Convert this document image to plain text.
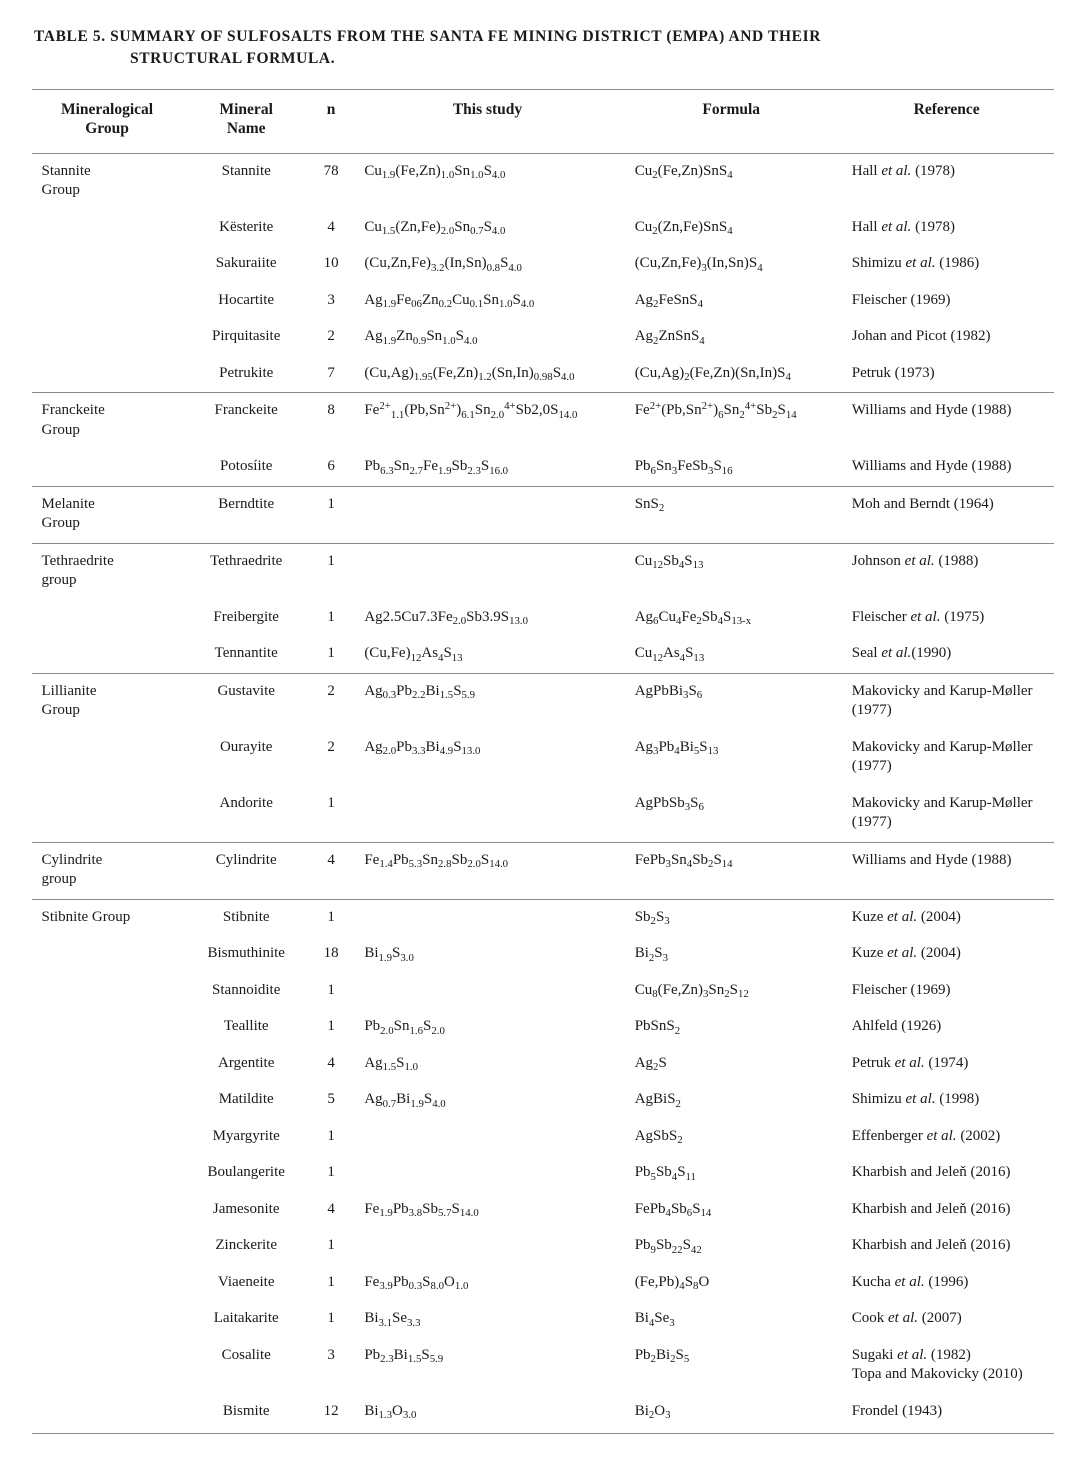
TABLE 5. SUMMARY OF SULFOSALTS FROM THE SANTA FE MINING DISTRICT (EMPA) AND THEIR
STRUCTURAL FORMULA.
Mineralogical
Group	Mineral
Name	n	This study	Formula	Reference
Stannite
Group	Stannite	78	$Cu_{1.9}(Fe,Zn)_{1.0}Sn_{1.0}S_{4.0}$	$Cu_2(Fe,Zn)SnS_4$	Hall et al. (1978)
	Kësterite	4	$Cu_{1.5}(Zn,Fe)_{2.0}Sn_{0.7}S_{4.0}$	$Cu_2(Zn,Fe)SnS_4$	Hall et al. (1978)
	Sakuraiite	10	$(Cu,Zn,Fe)_{3.2}(In,Sn)_{0.8}S_{4.0}$	$(Cu,Zn,Fe)_3(In,Sn)S_4$	Shimizu et al. (1986)
	Hocartite	3	$Ag_{1.9}Fe_{06}Zn_{0.2}Cu_{0.1}Sn_{1.0}S_{4.0}$	$Ag_2FeSnS_4$	Fleischer (1969)
	Pirquitasite	2	$Ag_{1.9}Zn_{0.9}Sn_{1.0}S_{4.0}$	$Ag_2ZnSnS_4$	Johan and Picot (1982)
	Petrukite	7	$(Cu,Ag)_{1.95}(Fe,Zn)_{1.2}(Sn,In)_{0.98}S_{4.0}$	$(Cu,Ag)_2(Fe,Zn)(Sn,In)S_4$	Petruk (1973)
Franckeite
Group	Franckeite	8	$Fe^{2+}_{1.1}(Pb,Sn^{2+})_{6.1}Sn_{2.0}^{4+}Sb2,0S_{14.0}$	$Fe^{2+}(Pb,Sn^{2+})_6Sn_2^{4+}Sb_2S_{14}$	Williams and Hyde (1988)
	Potosíite	6	$Pb_{6.3}Sn_{2.7}Fe_{1.9}Sb_{2.3}S_{16.0}$	$Pb_6Sn_3FeSb_3S_{16}$	Williams and Hyde (1988)
Melanite
Group	Berndtite	1		SnS$_2$	Moh and Berndt (1964)
Tethraedrite
group	Tethraedrite	1		$Cu_{12}Sb_4S_{13}$	Johnson et al. (1988)
	Freibergite	1	$Ag2.5Cu7.3Fe_{2.0}Sb3.9S_{13.0}$	$Ag_6Cu_4Fe_2Sb_4S_{13-x}$	Fleischer et al. (1975)
	Tennantite	1	$(Cu,Fe)_{12}As_4S_{13}$	$Cu_{12}As_4S_{13}$	Seal et al.(1990)
Lillianite
Group	Gustavite	2	$Ag_{0.3}Pb_{2.2}Bi_{1.5}S_{5.9}$	$AgPbBi_3S_6$	Makovicky and Karup-Møller (1977)
	Ourayite	2	$Ag_{2.0}Pb_{3.3}Bi_{4.9}S_{13.0}$	$Ag_3Pb_4Bi_5S_{13}$	Makovicky and Karup-Møller (1977)
	Andorite	1		$AgPbSb_3S_6$	Makovicky and Karup-Møller (1977)
Cylindrite
group	Cylindrite	4	$Fe_{1.4}Pb_{5.3}Sn_{2.8}Sb_{2.0}S_{14.0}$	$FePb_3Sn_4Sb_2S_{14}$	Williams and Hyde (1988)
Stibnite Group	Stibnite	1		$Sb_2S_3$	Kuze et al. (2004)
	Bismuthinite	18	$Bi_{1.9}S_{3.0}$	$Bi_2S_3$	Kuze et al. (2004)
	Stannoidite	1		$Cu_8(Fe,Zn)_3Sn_2S_{12}$	Fleischer (1969)
	Teallite	1	$Pb_{2.0}Sn_{1.6}S_{2.0}$	PbSnS$_2$	Ahlfeld (1926)
	Argentite	4	$Ag_{1.5}S_{1.0}$	$Ag_2S$	Petruk et al. (1974)
	Matildite	5	$Ag_{0.7}Bi_{1.9}S_{4.0}$	AgBiS$_2$	Shimizu et al. (1998)
	Myargyrite	1		AgSbS$_2$	Effenberger et al. (2002)
	Boulangerite	1		$Pb_5Sb_4S_{11}$	Kharbish and Jeleň (2016)
	Jamesonite	4	$Fe_{1.9}Pb_{3.8}Sb_{5.7}S_{14.0}$	$FePb_4Sb_6S_{14}$	Kharbish and Jeleň (2016)
	Zinckerite	1		$Pb_9Sb_{22}S_{42}$	Kharbish and Jeleň (2016)
	Viaeneite	1	$Fe_{3.9}Pb_{0.3}S_{8.0}O_{1.0}$	$(Fe,Pb)_4S_8O$	Kucha et al. (1996)
	Laitakarite	1	$Bi_{3.1}Se_{3.3}$	$Bi_4Se_3$	Cook et al. (2007)
	Cosalite	3	$Pb_{2.3}Bi_{1.5}S_{5.9}$	$Pb_2Bi_2S_5$	Sugaki et al. (1982)
Topa and Makovicky (2010)

	Bismite	12	$Bi_{1.3}O_{3.0}$	$Bi_2O_3$	Frondel (1943)
